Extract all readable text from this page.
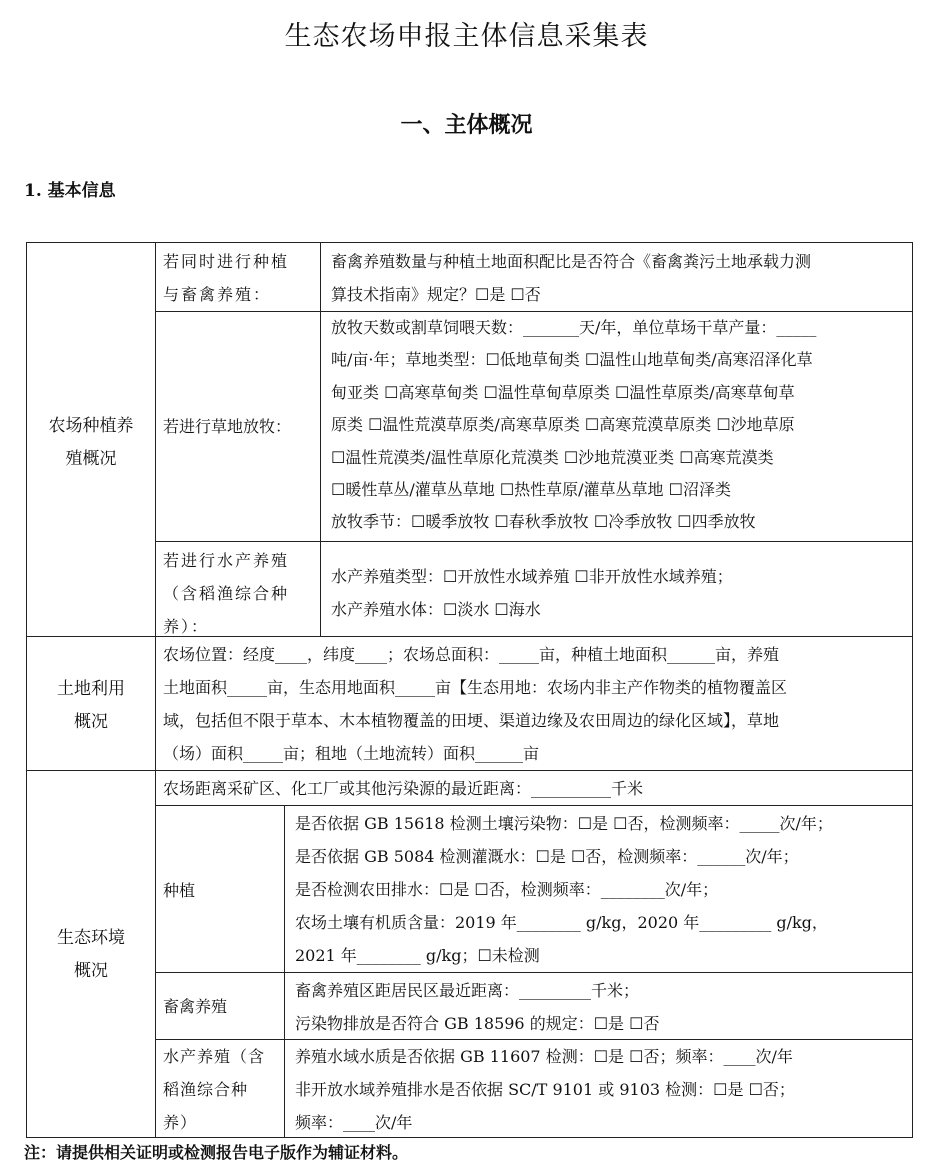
生态农场申报主体信息采集表
一、主体概况
1. 基本信息

农场种植养

殖概况

若同时进行种植

与畜禽养殖：

畜禽养殖数量与种植土地面积配比是否符合《畜禽粪污土地承载力测

算技术指南》规定？☐是 ☐否

若进行草地放牧：

放牧天数或割草饲喂天数：_______天/年，单位草场干草产量：_____

吨/亩·年；草地类型：☐低地草甸类 ☐温性山地草甸类/高寒沼泽化草

甸亚类 ☐高寒草甸类 ☐温性草甸草原类 ☐温性草原类/高寒草甸草

原类 ☐温性荒漠草原类/高寒草原类 ☐高寒荒漠草原类 ☐沙地草原

☐温性荒漠类/温性草原化荒漠类 ☐沙地荒漠亚类 ☐高寒荒漠类

☐暖性草丛/灌草丛草地 ☐热性草原/灌草丛草地 ☐沼泽类

放牧季节：☐暖季放牧 ☐春秋季放牧 ☐冷季放牧 ☐四季放牧

若进行水产养殖

（含稻渔综合种

养）：

水产养殖类型：☐开放性水域养殖 ☐非开放性水域养殖；

水产养殖水体：☐淡水 ☐海水

土地利用

概况

农场位置：经度____，纬度____；农场总面积：_____亩，种植土地面积______亩，养殖

土地面积_____亩，生态用地面积_____亩【生态用地：农场内非主产作物类的植物覆盖区

域，包括但不限于草本、木本植物覆盖的田埂、渠道边缘及农田周边的绿化区域】，草地

（场）面积_____亩；租地（土地流转）面积______亩

生态环境

概况

农场距离采矿区、化工厂或其他污染源的最近距离：__________千米

种植

是否依据 GB 15618 检测土壤污染物：☐是 ☐否，检测频率：_____次/年；

是否依据 GB 5084 检测灌溉水：☐是 ☐否，检测频率：______次/年；

是否检测农田排水：☐是 ☐否，检测频率：________次/年；

农场土壤有机质含量：2019 年________ g/kg，2020 年_________ g/kg，

2021 年________ g/kg；☐未检测

畜禽养殖

畜禽养殖区距居民区最近距离：_________千米；

污染物排放是否符合 GB 18596 的规定：☐是 ☐否

水产养殖（含

稻渔综合种

养）

养殖水域水质是否依据 GB 11607 检测：☐是 ☐否；频率：____次/年

非开放水域养殖排水是否依据 SC/T 9101 或 9103 检测：☐是 ☐否；

频率：____次/年

注：请提供相关证明或检测报告电子版作为辅证材料。
